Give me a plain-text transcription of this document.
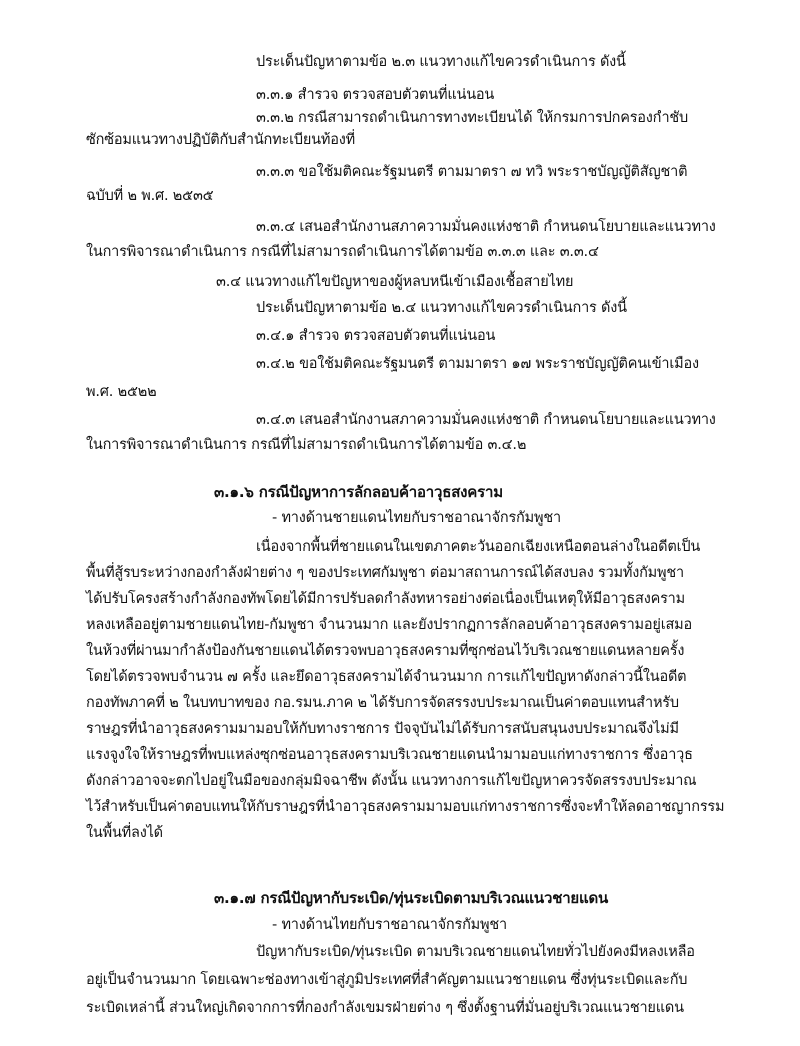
ประเด็นปัญหาตามข้อ ๒.๓ แนวทางแก้ไขควรดำเนินการ ดังนี้
๓.๓.๑ สำรวจ ตรวจสอบตัวตนที่แน่นอน
๓.๓.๒ กรณีสามารถดำเนินการทางทะเบียนได้ ให้กรมการปกครองกำชับ
ซักซ้อมแนวทางปฏิบัติกับสำนักทะเบียนท้องที่
๓.๓.๓ ขอใช้มติคณะรัฐมนตรี ตามมาตรา ๗ ทวิ พระราชบัญญัติสัญชาติ
ฉบับที่ ๒ พ.ศ. ๒๕๓๕
๓.๓.๔ เสนอสำนักงานสภาความมั่นคงแห่งชาติ กำหนดนโยบายและแนวทาง
ในการพิจารณาดำเนินการ กรณีที่ไม่สามารถดำเนินการได้ตามข้อ ๓.๓.๓ และ ๓.๓.๔
๓.๔ แนวทางแก้ไขปัญหาของผู้หลบหนีเข้าเมืองเชื้อสายไทย
ประเด็นปัญหาตามข้อ ๒.๔ แนวทางแก้ไขควรดำเนินการ ดังนี้
๓.๔.๑ สำรวจ ตรวจสอบตัวตนที่แน่นอน
๓.๔.๒ ขอใช้มติคณะรัฐมนตรี ตามมาตรา ๑๗ พระราชบัญญัติคนเข้าเมือง
พ.ศ. ๒๕๒๒
๓.๔.๓ เสนอสำนักงานสภาความมั่นคงแห่งชาติ กำหนดนโยบายและแนวทาง
ในการพิจารณาดำเนินการ กรณีที่ไม่สามารถดำเนินการได้ตามข้อ ๓.๔.๒
๓.๑.๖ กรณีปัญหาการลักลอบค้าอาวุธสงคราม
- ทางด้านชายแดนไทยกับราชอาณาจักรกัมพูชา
เนื่องจากพื้นที่ชายแดนในเขตภาคตะวันออกเฉียงเหนือตอนล่างในอดีตเป็น
พื้นที่สู้รบระหว่างกองกำลังฝ่ายต่าง ๆ ของประเทศกัมพูชา ต่อมาสถานการณ์ได้สงบลง รวมทั้งกัมพูชา
ได้ปรับโครงสร้างกำลังกองทัพโดยได้มีการปรับลดกำลังทหารอย่างต่อเนื่องเป็นเหตุให้มีอาวุธสงคราม
หลงเหลืออยู่ตามชายแดนไทย-กัมพูชา จำนวนมาก และยังปรากฏการลักลอบค้าอาวุธสงครามอยู่เสมอ
ในห้วงที่ผ่านมากำลังป้องกันชายแดนได้ตรวจพบอาวุธสงครามที่ซุกซ่อนไว้บริเวณชายแดนหลายครั้ง
โดยได้ตรวจพบจำนวน ๗ ครั้ง และยึดอาวุธสงครามได้จำนวนมาก การแก้ไขปัญหาดังกล่าวนี้ในอดีต
กองทัพภาคที่ ๒ ในบทบาทของ กอ.รมน.ภาค ๒ ได้รับการจัดสรรงบประมาณเป็นค่าตอบแทนสำหรับ
ราษฎรที่นำอาวุธสงครามมามอบให้กับทางราชการ ปัจจุบันไม่ได้รับการสนับสนุนงบประมาณจึงไม่มี
แรงจูงใจให้ราษฎรที่พบแหล่งซุกซ่อนอาวุธสงครามบริเวณชายแดนนำมามอบแก่ทางราชการ ซึ่งอาวุธ
ดังกล่าวอาจจะตกไปอยู่ในมือของกลุ่มมิจฉาชีพ ดังนั้น แนวทางการแก้ไขปัญหาควรจัดสรรงบประมาณ
ไว้สำหรับเป็นค่าตอบแทนให้กับราษฎรที่นำอาวุธสงครามมามอบแก่ทางราชการซึ่งจะทำให้ลดอาชญากรรม
ในพื้นที่ลงได้
๓.๑.๗ กรณีปัญหากับระเบิด/ทุ่นระเบิดตามบริเวณแนวชายแดน
- ทางด้านไทยกับราชอาณาจักรกัมพูชา
ปัญหากับระเบิด/ทุ่นระเบิด ตามบริเวณชายแดนไทยทั่วไปยังคงมีหลงเหลือ
อยู่เป็นจำนวนมาก โดยเฉพาะช่องทางเข้าสู่ภูมิประเทศที่สำคัญตามแนวชายแดน ซึ่งทุ่นระเบิดและกับ
ระเบิดเหล่านี้ ส่วนใหญ่เกิดจากการที่กองกำลังเขมรฝ่ายต่าง ๆ ซึ่งตั้งฐานที่มั่นอยู่บริเวณแนวชายแดน
